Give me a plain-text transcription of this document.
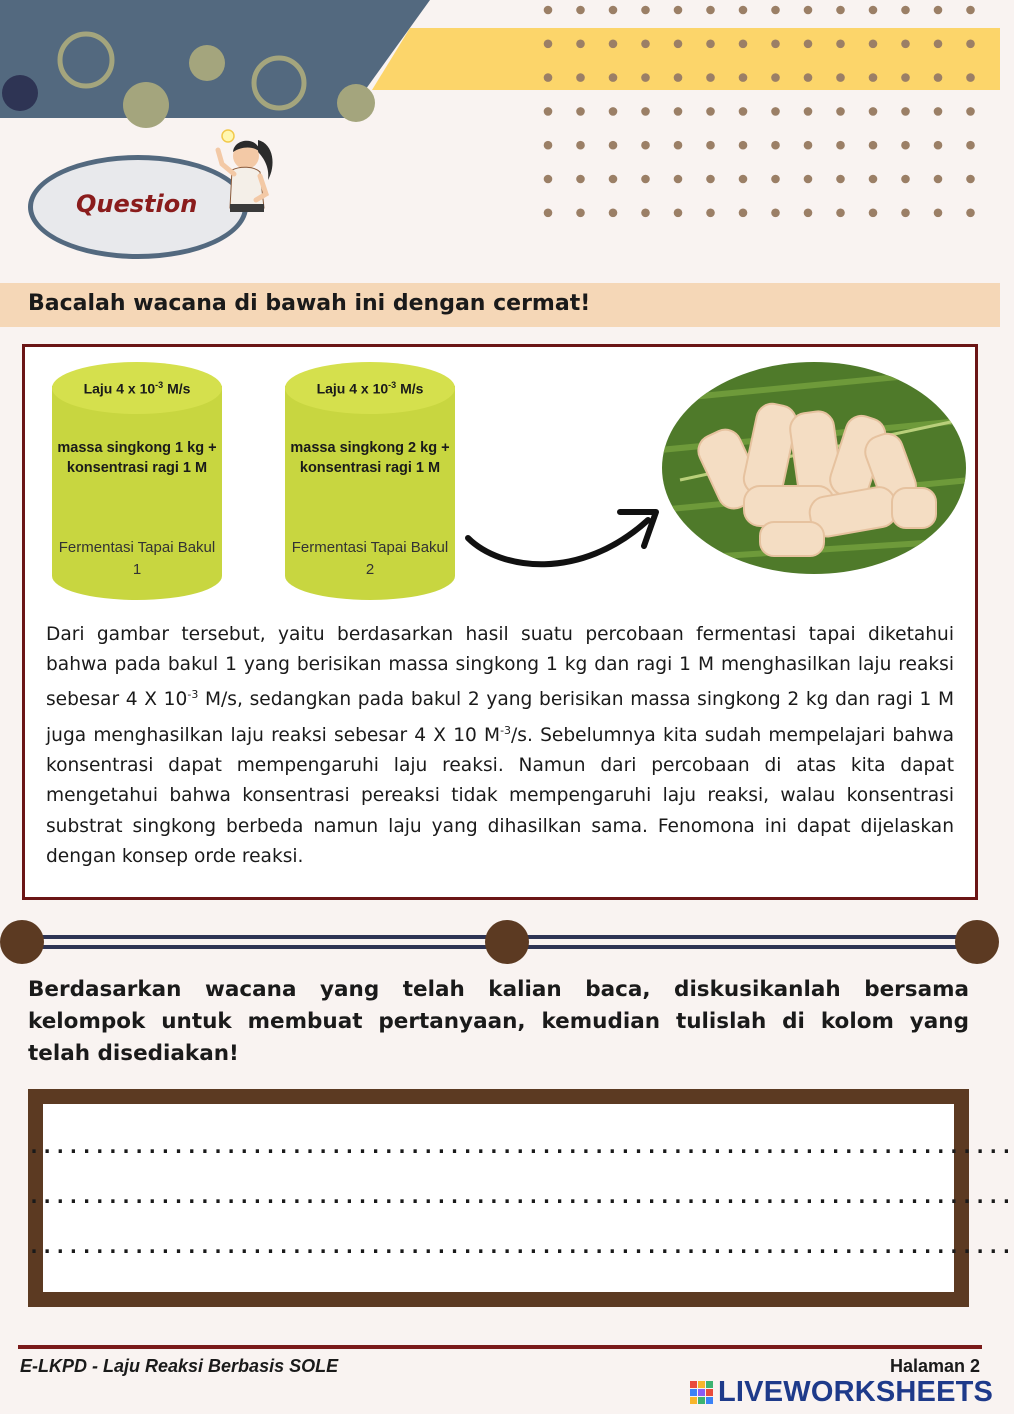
Question
Bacalah wacana di bawah ini dengan cermat!
Laju 4 x $10^{-3}$ M/s
massa singkong 1 kg + konsentrasi ragi 1 M
Fermentasi Tapai Bakul 1
Laju 4 x $10^{-3}$ M/s
massa singkong 2 kg + konsentrasi ragi 1 M
Fermentasi Tapai Bakul 2
Dari gambar tersebut, yaitu berdasarkan hasil suatu percobaan fermentasi tapai diketahui bahwa pada bakul 1 yang berisikan massa singkong 1 kg dan ragi 1 M menghasilkan laju reaksi sebesar 4 X $10^{-3}$ M/s, sedangkan pada bakul 2 yang berisikan massa singkong 2 kg dan ragi 1 M juga menghasilkan laju reaksi sebesar 4 X 10 $M^{-3}/s$. Sebelumnya kita sudah mempelajari bahwa konsentrasi dapat mempengaruhi laju reaksi. Namun dari percobaan di atas kita dapat mengetahui bahwa konsentrasi pereaksi tidak mempengaruhi laju reaksi, walau konsentrasi substrat singkong berbeda namun laju yang dihasilkan sama. Fenomona ini dapat dijelaskan dengan konsep orde reaksi.
Berdasarkan wacana yang telah kalian baca, diskusikanlah bersama kelompok untuk membuat pertanyaan, kemudian tulislah di kolom yang telah disediakan!
...........................................................................
...........................................................................
...........................................................................
E-LKPD - Laju Reaksi Berbasis SOLE	Halaman 2
LIVEWORKSHEETS
